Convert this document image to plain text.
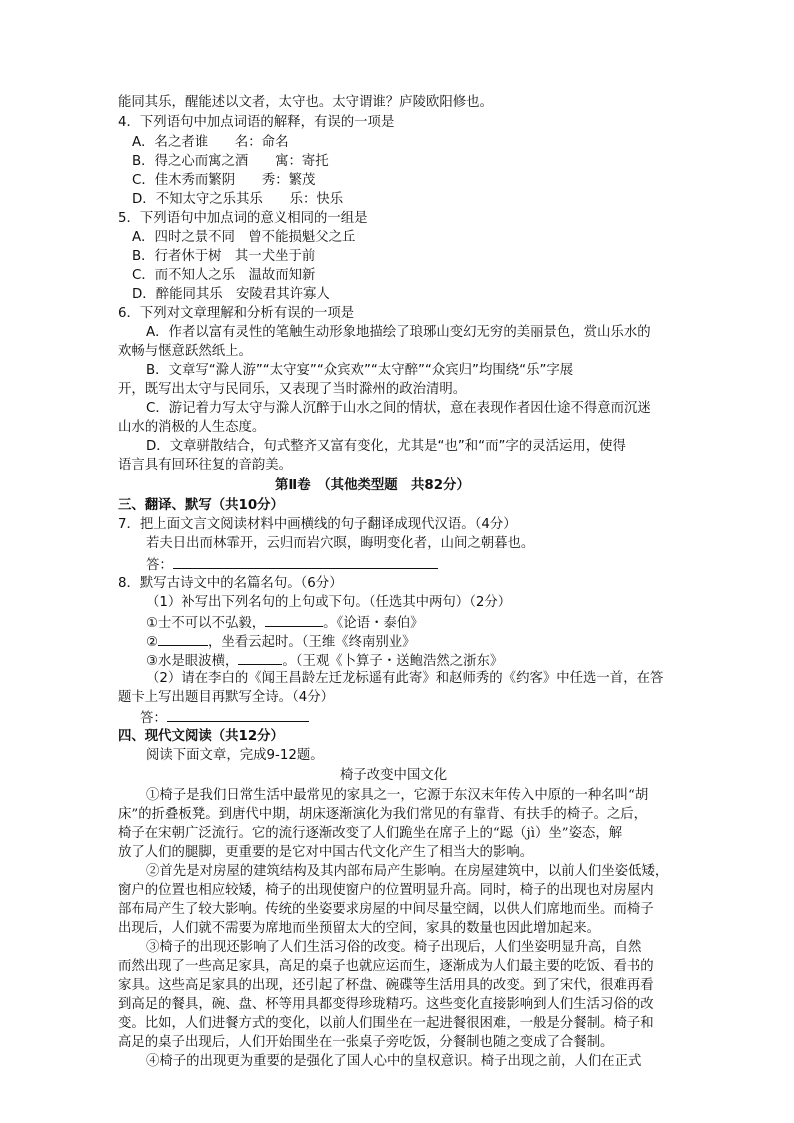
能同其乐，醒能述以文者，太守也。太守谓谁？庐陵欧阳修也。
4．下列语句中加点词语的解释，有误的一项是
A．名之者谁　　名：命名
B．得之心而寓之酒　　寓：寄托
C．佳木秀而繁阴　　秀：繁茂
D．不知太守之乐其乐　　乐：快乐
5．下列语句中加点词的意义相同的一组是
A．四时之景不同　曾不能损魁父之丘
B．行者休于树　其一犬坐于前
C．而不知人之乐　温故而知新
D．醉能同其乐　安陵君其许寡人
6．下列对文章理解和分析有误的一项是
A．作者以富有灵性的笔触生动形象地描绘了琅琊山变幻无穷的美丽景色，赏山乐水的
欢畅与惬意跃然纸上。
B．文章写“滁人游”“太守宴”“众宾欢”“太守醉”“众宾归”均围绕“乐”字展
开，既写出太守与民同乐，又表现了当时滁州的政治清明。
C．游记着力写太守与滁人沉醉于山水之间的情状，意在表现作者因仕途不得意而沉迷
山水的消极的人生态度。
D．文章骈散结合，句式整齐又富有变化，尤其是“也”和“而”字的灵活运用，使得
语言具有回环往复的音韵美。
第Ⅱ卷　（其他类型题　共82分）
三、翻译、默写（共10分）
7．把上面文言文阅读材料中画横线的句子翻译成现代汉语。（4分）
若夫日出而林霏开，云归而岩穴暝，晦明变化者，山间之朝暮也。
答：
8．默写古诗文中的名篇名句。（6分）
（1）补写出下列名句的上句或下句。（任选其中两句）（2分）
①士不可以不弘毅，	。《论语・泰伯》
②	，坐看云起时。（王维《终南别业》
③水是眼波横，	。（王观《卜算子・送鲍浩然之浙东》
（2）请在李白的《闻王昌龄左迁龙标遥有此寄》和赵师秀的《约客》中任选一首，在答
题卡上写出题目再默写全诗。（4分）
答：
四、现代文阅读（共12分）
阅读下面文章，完成9-12题。
椅子改变中国文化
①椅子是我们日常生活中最常见的家具之一，它源于东汉末年传入中原的一种名叫“胡
床”的折叠板凳。到唐代中期，胡床逐渐演化为我们常见的有靠背、有扶手的椅子。之后，
椅子在宋朝广泛流行。它的流行逐渐改变了人们跪坐在席子上的“跽（jì）坐”姿态，解
放了人们的腿脚，更重要的是它对中国古代文化产生了相当大的影响。
②首先是对房屋的建筑结构及其内部布局产生影响。在房屋建筑中，以前人们坐姿低矮，
窗户的位置也相应较矮，椅子的出现使窗户的位置明显升高。同时，椅子的出现也对房屋内
部布局产生了较大影响。传统的坐姿要求房屋的中间尽量空阔，以供人们席地而坐。而椅子
出现后，人们就不需要为席地而坐预留太大的空间，家具的数量也因此增加起来。
③椅子的出现还影响了人们生活习俗的改变。椅子出现后，人们坐姿明显升高，自然
而然出现了一些高足家具，高足的桌子也就应运而生，逐渐成为人们最主要的吃饭、看书的
家具。这些高足家具的出现，还引起了杯盘、碗碟等生活用具的改变。到了宋代，很难再看
到高足的餐具，碗、盘、杯等用具都变得珍珑精巧。这些变化直接影响到人们生活习俗的改
变。比如，人们进餐方式的变化，以前人们围坐在一起进餐很困难，一般是分餐制。椅子和
高足的桌子出现后，人们开始围坐在一张桌子旁吃饭，分餐制也随之变成了合餐制。
④椅子的出现更为重要的是强化了国人心中的皇权意识。椅子出现之前，人们在正式
